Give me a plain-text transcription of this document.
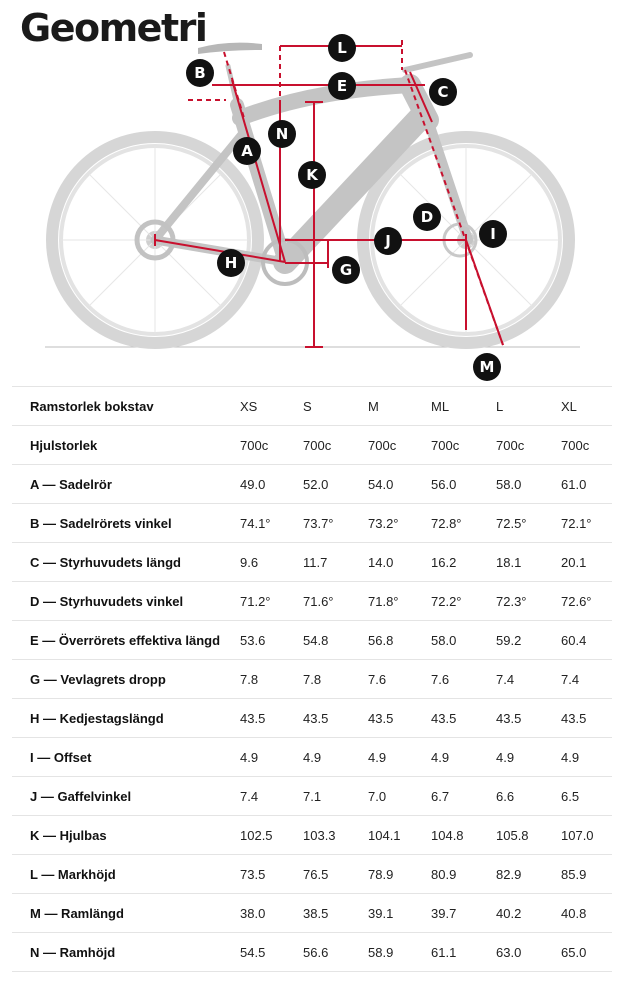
Geometri	L
B
E	C
N
A
K
D
I
J
H	G
M
Ramstorlek bokstav	XS	S	M	ML	L	XL
Hjulstorlek	700c	700c	700c	700c	700c	700c
A — Sadelrör	49.0	52.0	54.0	56.0	58.0	61.0
B — Sadelrörets vinkel	74.1°	73.7°	73.2°	72.8°	72.5°	72.1°
C — Styrhuvudets längd	9.6	11.7	14.0	16.2	18.1	20.1
D — Styrhuvudets vinkel	71.2°	71.6°	71.8°	72.2°	72.3°	72.6°
E — Överrörets effektiva längd	53.6	54.8	56.8	58.0	59.2	60.4
G — Vevlagrets dropp	7.8	7.8	7.6	7.6	7.4	7.4
H — Kedjestagslängd	43.5	43.5	43.5	43.5	43.5	43.5
I — Offset	4.9	4.9	4.9	4.9	4.9	4.9
J — Gaffelvinkel	7.4	7.1	7.0	6.7	6.6	6.5
K — Hjulbas	102.5	103.3	104.1	104.8	105.8	107.0
L — Markhöjd	73.5	76.5	78.9	80.9	82.9	85.9
M — Ramlängd	38.0	38.5	39.1	39.7	40.2	40.8
N — Ramhöjd	54.5	56.6	58.9	61.1	63.0	65.0
